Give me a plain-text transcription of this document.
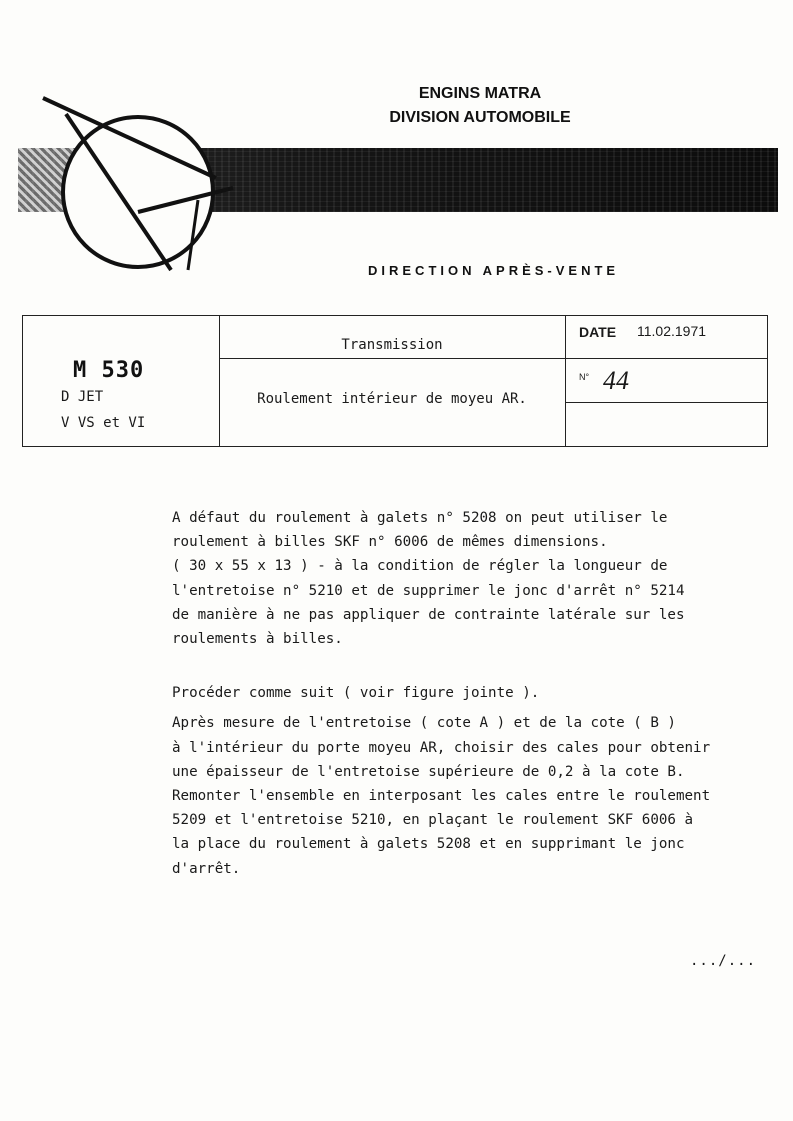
ENGINS MATRA
DIVISION AUTOMOBILE
DIRECTION APRÈS-VENTE
M 530
D JET
V VS et VI
Transmission
Roulement intérieur de moyeu AR.
DATE 11.02.1971
N° 44

A défaut du roulement à galets n° 5208 on peut utiliser le

roulement à billes SKF n° 6006 de mêmes dimensions.

( 30 x 55 x 13 ) - à la condition de régler la longueur de

l'entretoise n° 5210 et de supprimer le jonc d'arrêt n° 5214

de manière à ne pas appliquer de contrainte latérale sur les

roulements à billes.

Procéder comme suit ( voir figure jointe ).

Après mesure de l'entretoise ( cote A ) et de la cote ( B )

à l'intérieur du porte moyeu AR, choisir des cales pour obtenir

une épaisseur de l'entretoise supérieure de 0,2 à la cote B.

Remonter l'ensemble en interposant les cales entre le roulement

5209 et l'entretoise 5210, en plaçant le roulement SKF 6006 à

la place du roulement à galets 5208 et en supprimant le jonc

d'arrêt.

.../...
